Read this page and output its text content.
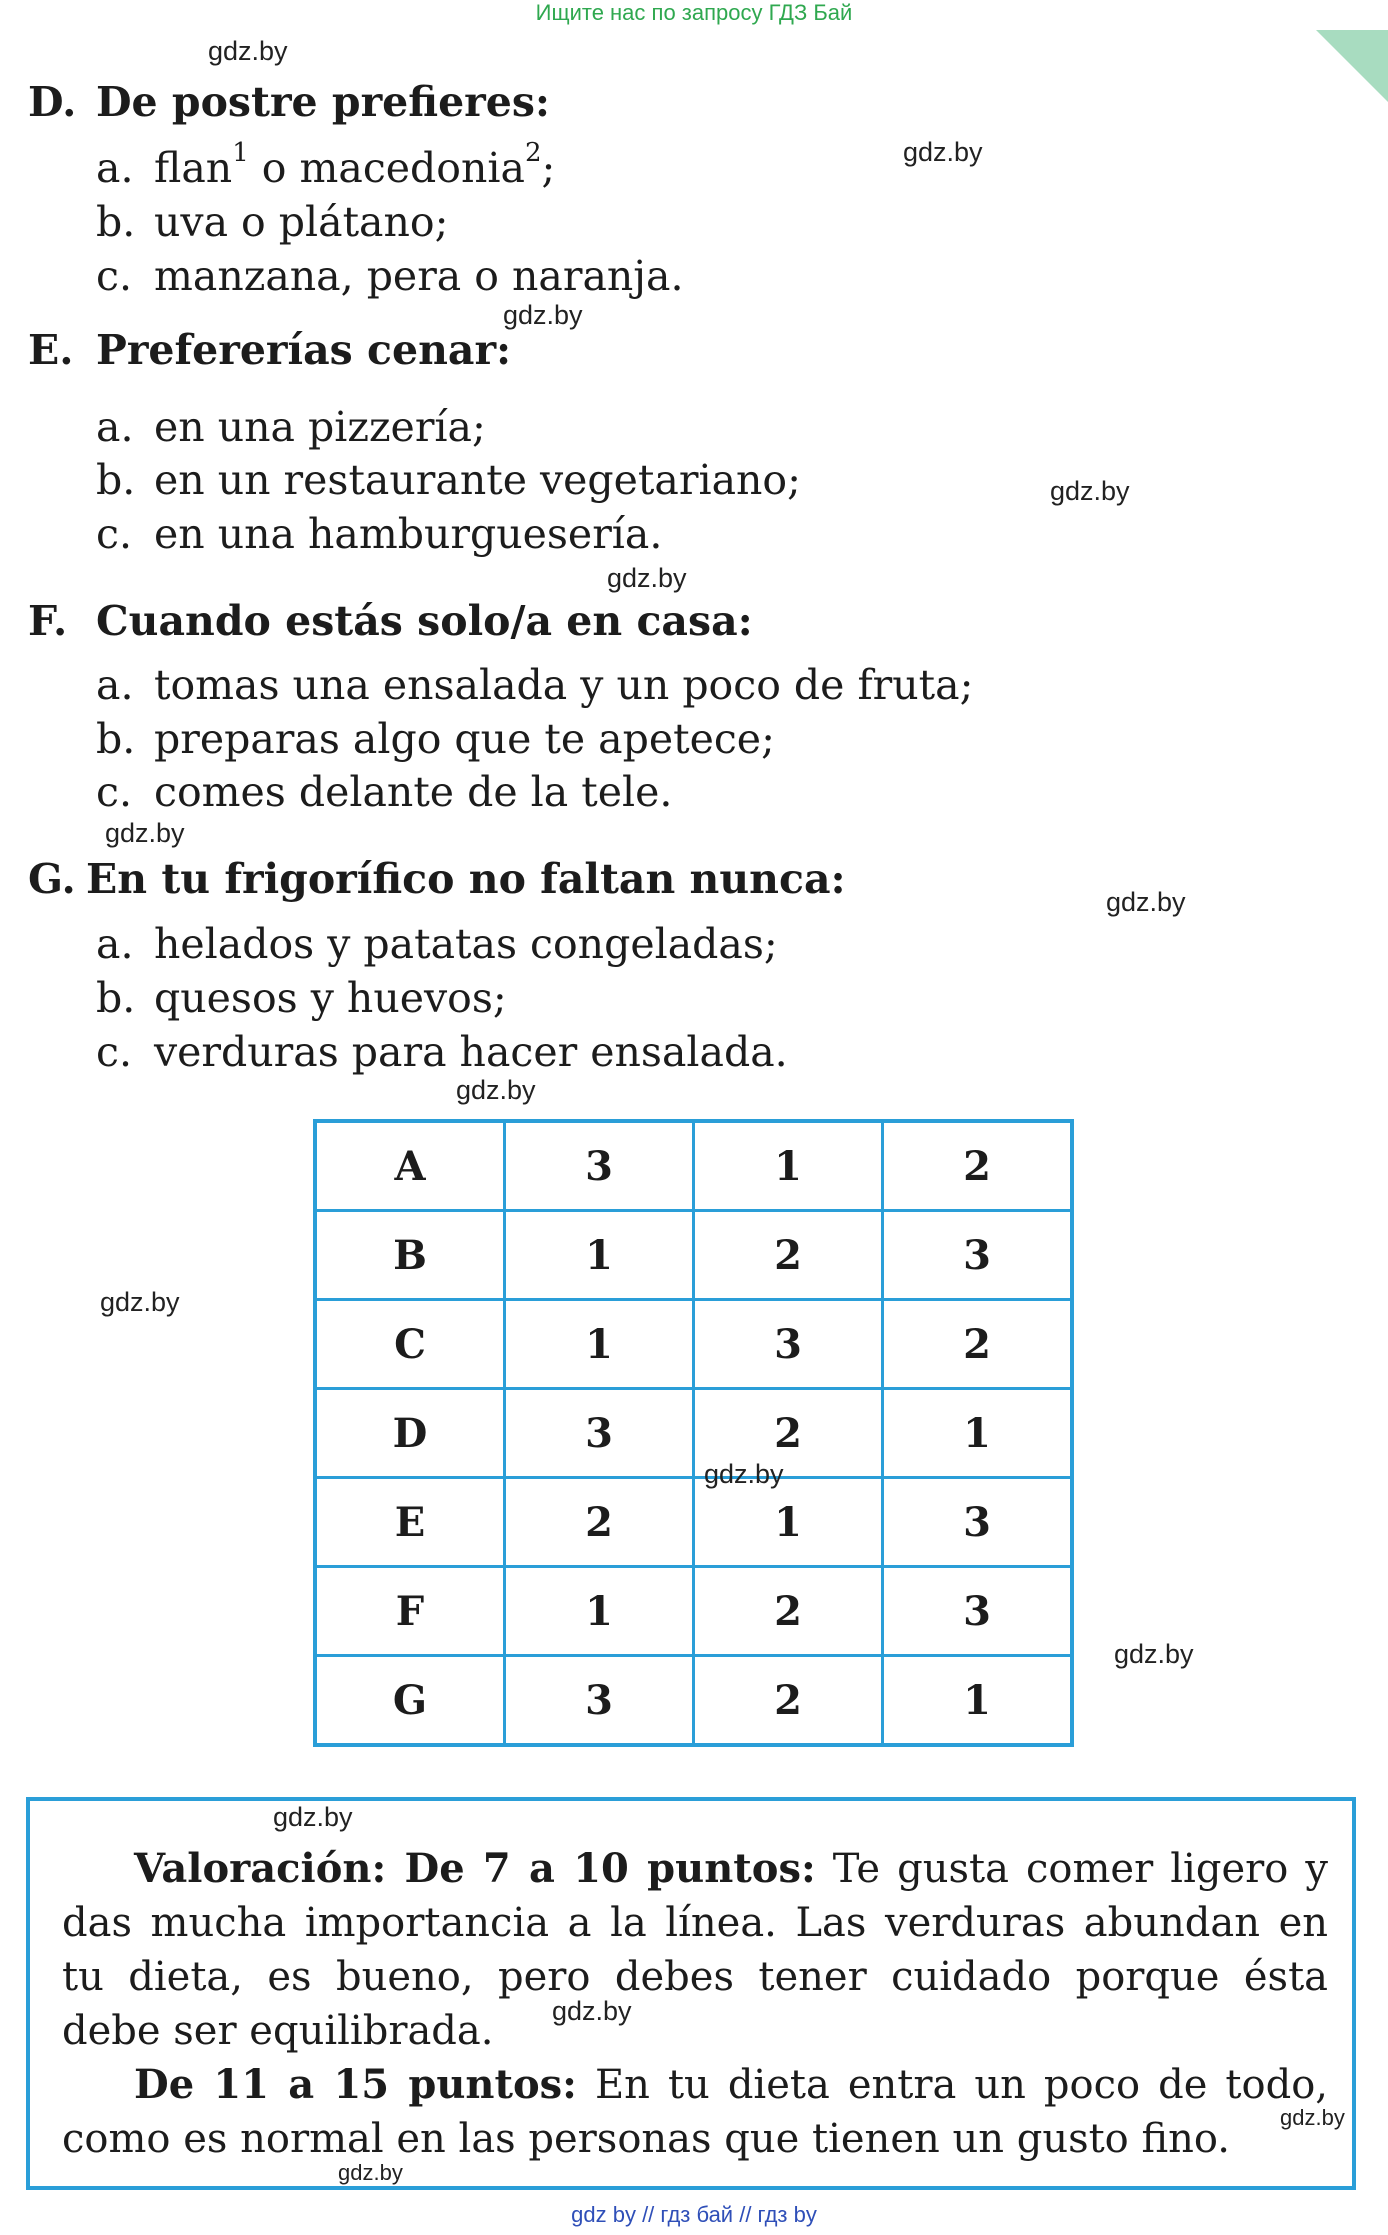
Ищите нас по запросу ГДЗ Бай
D. De postre prefieres:
a. flan$^1$ o macedonia$^2$;
b. uva o plátano;
c. manzana, pera o naranja.
E. Prefererías cenar:
a. en una pizzería;
b. en un restaurante vegetariano;
c. en una hamburguesería.
F. Cuando estás solo/a en casa:
a. tomas una ensalada y un poco de fruta;
b. preparas algo que te apetece;
c. comes delante de la tele.
G. En tu frigorífico no faltan nunca:
a. helados y patatas congeladas;
b. quesos y huevos;
c. verduras para hacer ensalada.
A	3	1	2
B	1	2	3
C	1	3	2
D	3	2	1
E	2	1	3
F	1	2	3
G	3	2	1

Valoración: De 7 a 10 puntos: Te gusta comer ligero y das mucha importancia a la línea. Las verduras abundan en tu dieta, es bueno, pero debes tener cuidado porque ésta debe ser equilibrada.

De 11 a 15 puntos: En tu dieta entra un poco de todo, como es normal en las personas que tienen un gusto fino.

gdz.by
gdz.by
gdz.by
gdz.by
gdz.by
gdz.by
gdz.by
gdz.by
gdz.by
gdz.by
gdz.by
gdz.by
gdz.by
gdz.by
gdz.by
gdz by // гдз бай // гдз by
